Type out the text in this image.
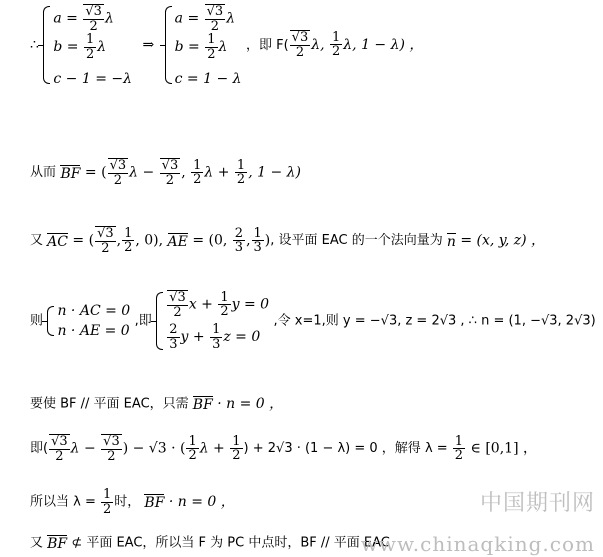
∴
$a = \frac{√3}{2}$ λ
$b = \frac{1}{2}$ λ
c − 1 = −λ
⇒
$a = \frac{√3}{2}$ λ
$b = \frac{1}{2}$ λ
c = 1 − λ
，即 $F( \frac{√3}{2} \lambda$, $\frac{1}{2} \lambda$, 1 − λ) ，
从而 BF = ( $\frac{√3}{2}$ $\lambda - \frac{√3}{2}$ , $\frac{1}{2}$ $\lambda + \frac{1}{2}$ , 1 − λ)
又 AC = ( $\frac{√3}{2}$ , $\frac{1}{2}$ , 0), AE = (0, $\frac{2}{3}$ , $\frac{1}{3}$ ), 设平面 EAC 的一个法向量为 n = (x, y, z) ，
则
n · AC = 0
n · AE = 0
,即
$\frac{√3}{2}$ $x + \frac{1}{2}$ y = 0
$\frac{2}{3}$ $y + \frac{1}{3}$ z = 0
,令 x=1,则 y = −√3, z = 2√3 , ∴ n = (1, −√3, 2√3)
要使 BF // 平面 EAC，只需 BF · n = 0 ，
即( $\frac{√3}{2}$ $\lambda - \frac{√3}{2}$ ) − √3 · ( $\frac{1}{2}$ $\lambda + \frac{1}{2}$ ) + 2√3 · (1 − λ) = 0 ，解得 $\lambda = \frac{1}{2}$ ∈ [0,1] ，
所以当 $\lambda = \frac{1}{2}$ 时， BF · n = 0 ，
又 BF ⊄ 平面 EAC，所以当 F 为 PC 中点时，BF // 平面 EAC
中国期刊网
www.chinaqking.com
